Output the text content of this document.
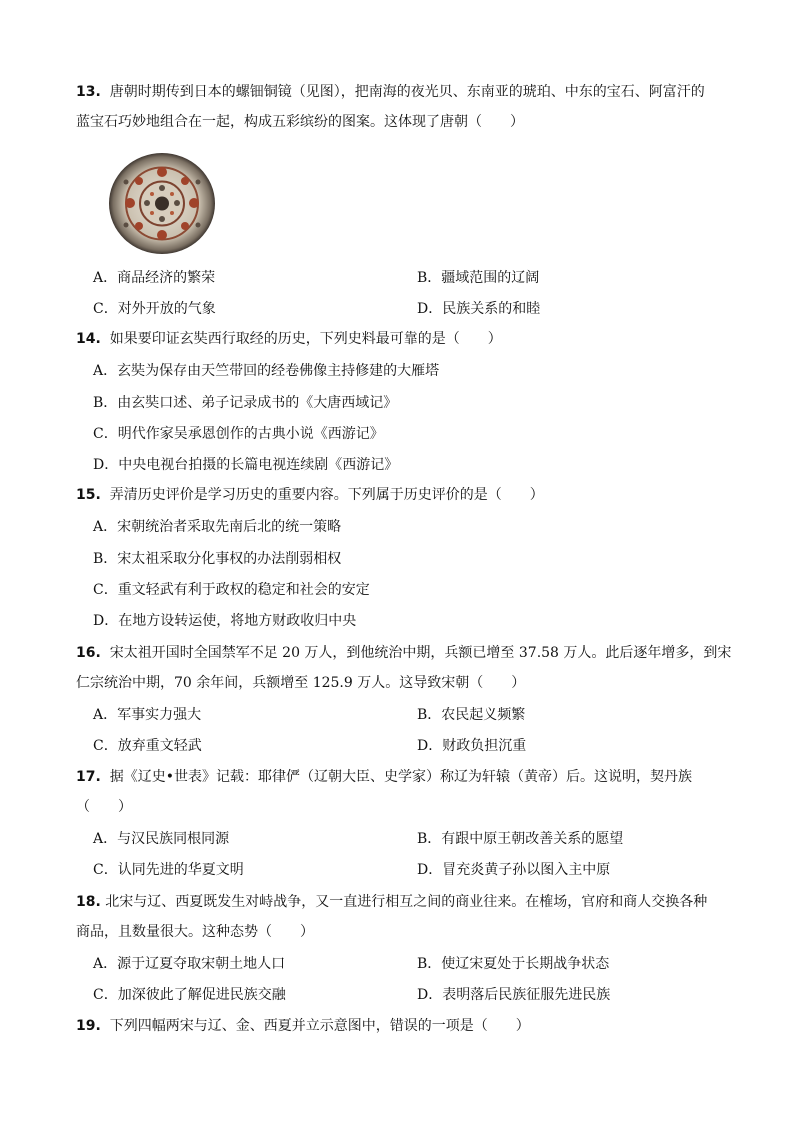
13. 唐朝时期传到日本的螺钿铜镜（见图），把南海的夜光贝、东南亚的琥珀、中东的宝石、阿富汗的
蓝宝石巧妙地组合在一起，构成五彩缤纷的图案。这体现了唐朝（　　）
A．商品经济的繁荣	B．疆域范围的辽阔
C．对外开放的气象	D．民族关系的和睦
14. 如果要印证玄奘西行取经的历史，下列史料最可靠的是（　　）
A．玄奘为保存由天竺带回的经卷佛像主持修建的大雁塔
B．由玄奘口述、弟子记录成书的《大唐西域记》
C．明代作家吴承恩创作的古典小说《西游记》
D．中央电视台拍摄的长篇电视连续剧《西游记》
15. 弄清历史评价是学习历史的重要内容。下列属于历史评价的是（　　）
A．宋朝统治者采取先南后北的统一策略
B．宋太祖采取分化事权的办法削弱相权
C．重文轻武有利于政权的稳定和社会的安定
D．在地方设转运使，将地方财政收归中央
16. 宋太祖开国时全国禁军不足 20 万人，到他统治中期，兵额已增至 37.58 万人。此后逐年增多，到宋
仁宗统治中期，70 余年间，兵额增至 125.9 万人。这导致宋朝（　　）
A．军事实力强大	B．农民起义频繁
C．放弃重文轻武	D．财政负担沉重
17. 据《辽史•世表》记载：耶律俨（辽朝大臣、史学家）称辽为轩辕（黄帝）后。这说明，契丹族
（　　）
A．与汉民族同根同源	B．有跟中原王朝改善关系的愿望
C．认同先进的华夏文明	D．冒充炎黄子孙以图入主中原
18. 北宋与辽、西夏既发生对峙战争，又一直进行相互之间的商业往来。在榷场，官府和商人交换各种
商品，且数量很大。这种态势（　　）
A．源于辽夏夺取宋朝土地人口	B．使辽宋夏处于长期战争状态
C．加深彼此了解促进民族交融	D．表明落后民族征服先进民族
19. 下列四幅两宋与辽、金、西夏并立示意图中，错误的一项是（　　）
